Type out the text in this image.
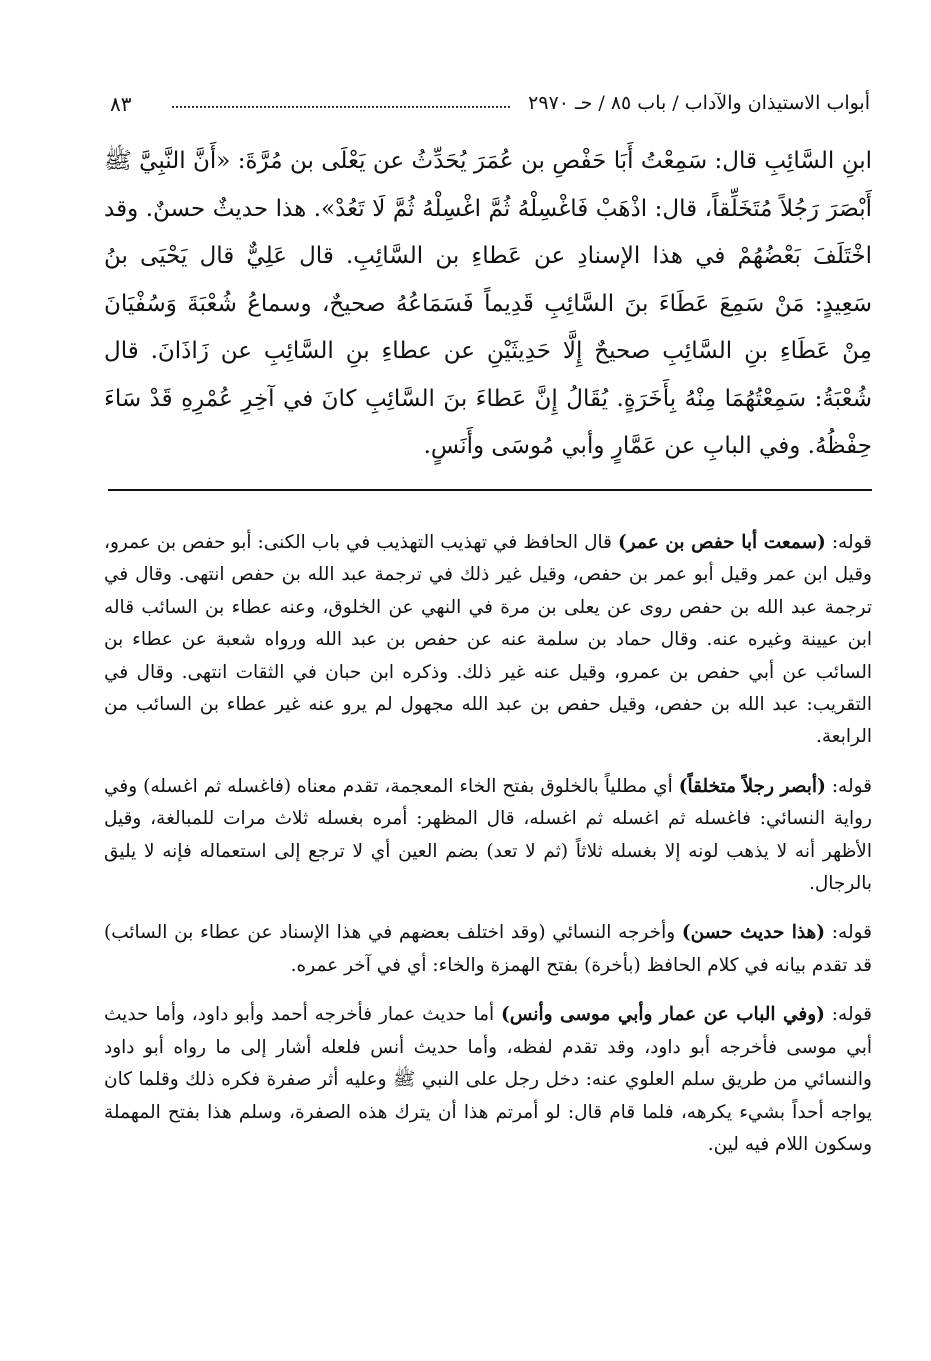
أبواب الاستيذان والآداب / باب ٨٥ / حـ ٢٩٧٠
٨٣

ابنِ السَّائِبِ قال: سَمِعْتُ أَبَا حَفْصِ بن عُمَرَ يُحَدِّثُ عن يَعْلَى بن مُرَّةَ: «أَنَّ النَّبِيَّ ﷺ أَبْصَرَ رَجُلاً مُتَخَلِّقاً، قال: اذْهَبْ فَاغْسِلْهُ ثُمَّ اغْسِلْهُ ثُمَّ لَا تَعُدْ». هذا حديثٌ حسنٌ. وقد اخْتَلَفَ بَعْضُهُمْ في هذا الإسنادِ عن عَطاءِ بن السَّائِبِ. قال عَلِيٌّ قال يَحْيَى بنُ سَعِيدٍ: مَنْ سَمِعَ عَطَاءَ بنَ السَّائِبِ قَدِيماً فَسَمَاعُهُ صحيحٌ، وسماعُ شُعْبَةَ وَسُفْيَانَ مِنْ عَطَاءِ بنِ السَّائِبِ صحيحٌ إِلَّا حَدِيثَيْنِ عن عطاءِ بنِ السَّائِبِ عن زَاذَانَ. قال شُعْبَةُ: سَمِعْتُهُمَا مِنْهُ بِأَخَرَةٍ. يُقَالُ إِنَّ عَطاءَ بنَ السَّائِبِ كانَ في آخِرِ عُمْرِهِ قَدْ سَاءَ حِفْظُهُ. وفي البابِ عن عَمَّارٍ وأبي مُوسَى وأَنَسٍ.

قوله: (سمعت أبا حفص بن عمر) قال الحافظ في تهذيب التهذيب في باب الكنى: أبو حفص بن عمرو، وقيل ابن عمر وقيل أبو عمر بن حفص، وقيل غير ذلك في ترجمة عبد الله بن حفص انتهى. وقال في ترجمة عبد الله بن حفص روى عن يعلى بن مرة في النهي عن الخلوق، وعنه عطاء بن السائب قاله ابن عيينة وغيره عنه. وقال حماد بن سلمة عنه عن حفص بن عبد الله ورواه شعبة عن عطاء بن السائب عن أبي حفص بن عمرو، وقيل عنه غير ذلك. وذكره ابن حبان في الثقات انتهى. وقال في التقريب: عبد الله بن حفص، وقيل حفص بن عبد الله مجهول لم يرو عنه غير عطاء بن السائب من الرابعة.

قوله: (أبصر رجلاً متخلقاً) أي مطلياً بالخلوق بفتح الخاء المعجمة، تقدم معناه (فاغسله ثم اغسله) وفي رواية النسائي: فاغسله ثم اغسله ثم اغسله، قال المظهر: أمره بغسله ثلاث مرات للمبالغة، وقيل الأظهر أنه لا يذهب لونه إلا بغسله ثلاثاً (ثم لا تعد) بضم العين أي لا ترجع إلى استعماله فإنه لا يليق بالرجال.

قوله: (هذا حديث حسن) وأخرجه النسائي (وقد اختلف بعضهم في هذا الإسناد عن عطاء بن السائب) قد تقدم بيانه في كلام الحافظ (بأخرة) بفتح الهمزة والخاء: أي في آخر عمره.

قوله: (وفي الباب عن عمار وأبي موسى وأنس) أما حديث عمار فأخرجه أحمد وأبو داود، وأما حديث أبي موسى فأخرجه أبو داود، وقد تقدم لفظه، وأما حديث أنس فلعله أشار إلى ما رواه أبو داود والنسائي من طريق سلم العلوي عنه: دخل رجل على النبي ﷺ وعليه أثر صفرة فكره ذلك وقلما كان يواجه أحداً بشيء يكرهه، فلما قام قال: لو أمرتم هذا أن يترك هذه الصفرة، وسلم هذا بفتح المهملة وسكون اللام فيه لين.
